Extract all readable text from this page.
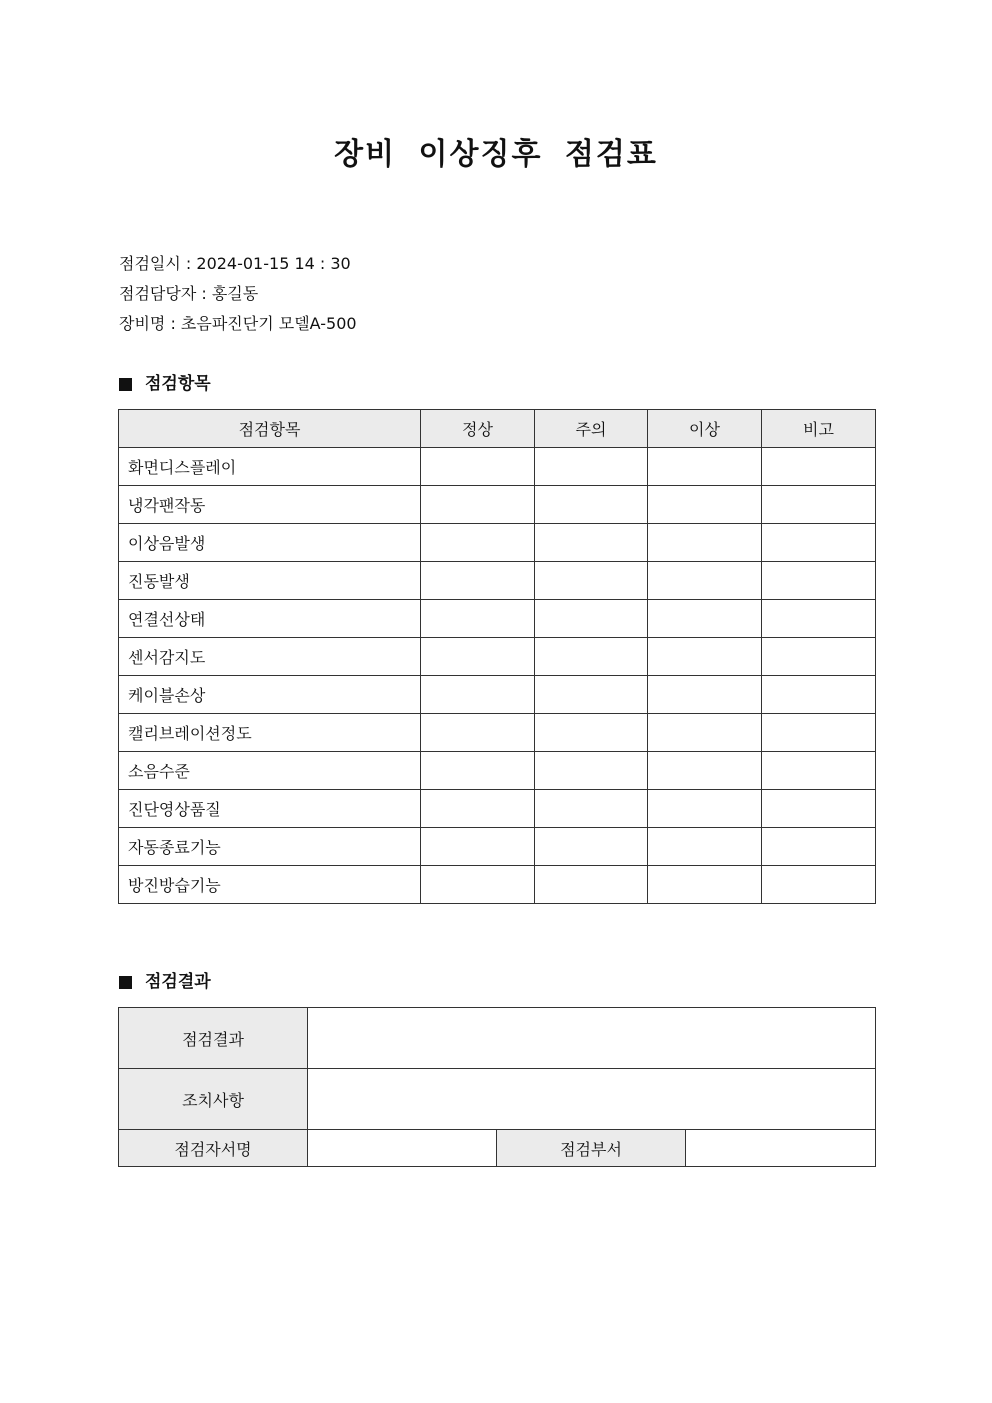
장비 이상징후 점검표
점검일시 : 2024-01-15 14 : 30
점검담당자 : 홍길동
장비명 : 초음파진단기 모델A-500
점검항목
점검항목	정상	주의	이상	비고
화면디스플레이				
냉각팬작동				
이상음발생				
진동발생				
연결선상태				
센서감지도				
케이블손상				
캘리브레이션정도				
소음수준				
진단영상품질				
자동종료기능				
방진방습기능				
점검결과
점검결과			
조치사항			
점검자서명		점검부서	
